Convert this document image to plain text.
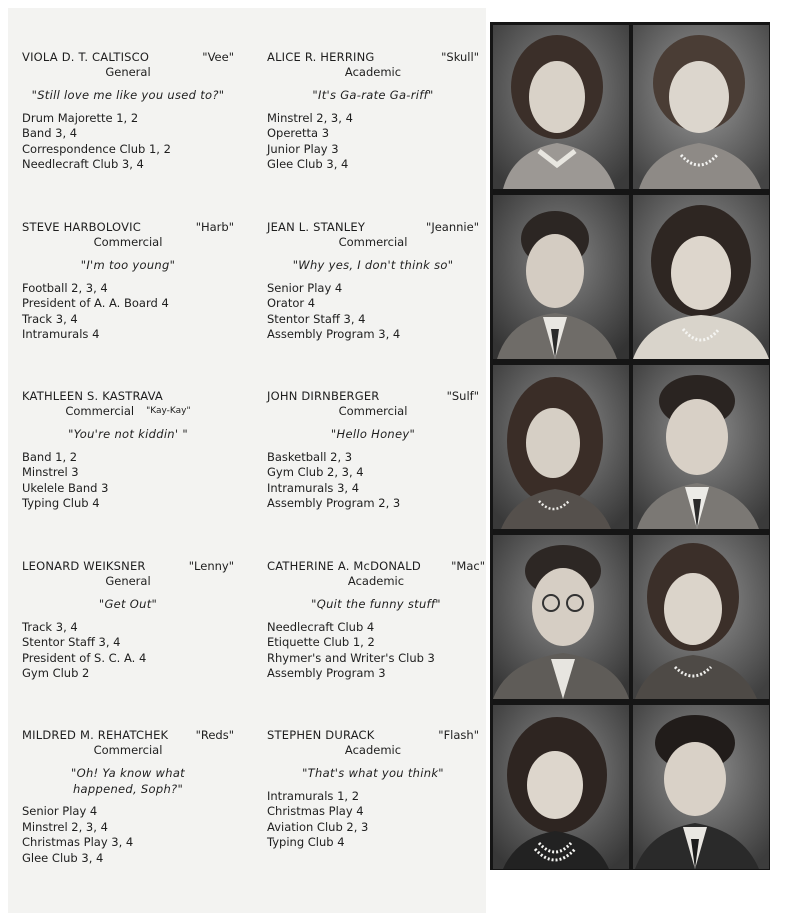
VIOLA D. T. CALTISCO	"Vee"
General
"Still love me like you used to?"
Drum Majorette 1, 2
Band 3, 4
Correspondence Club 1, 2
Needlecraft Club 3, 4
ALICE R. HERRING	"Skull"
Academic
"It's Ga-rate Ga-riff"
Minstrel 2, 3, 4
Operetta 3
Junior Play 3
Glee Club 3, 4
STEVE HARBOLOVIC	"Harb"
Commercial
"I'm too young"
Football 2, 3, 4
President of A. A. Board 4
Track 3, 4
Intramurals 4
JEAN L. STANLEY	"Jeannie"
Commercial
"Why yes, I don't think so"
Senior Play 4
Orator 4
Stentor Staff 3, 4
Assembly Program 3, 4
KATHLEEN S. KASTRAVA
Commercial $^{"Kay-Kay"}$
"You're not kiddin' "
Band 1, 2
Minstrel 3
Ukelele Band 3
Typing Club 4
JOHN DIRNBERGER	"Sulf"
Commercial
"Hello Honey"
Basketball 2, 3
Gym Club 2, 3, 4
Intramurals 3, 4
Assembly Program 2, 3
LEONARD WEIKSNER	"Lenny"
General
"Get Out"
Track 3, 4
Stentor Staff 3, 4
President of S. C. A. 4
Gym Club 2
CATHERINE A. McDONALD	"Mac"
Academic
"Quit the funny stuff"
Needlecraft Club 4
Etiquette Club 1, 2
Rhymer's and Writer's Club 3
Assembly Program 3
MILDRED M. REHATCHEK "Reds"
Commercial
"Oh! Ya know what happened, Soph?"
Senior Play 4
Minstrel 2, 3, 4
Christmas Play 3, 4
Glee Club 3, 4
STEPHEN DURACK	"Flash"
Academic
"That's what you think"
Intramurals 1, 2
Christmas Play 4
Aviation Club 2, 3
Typing Club 4
